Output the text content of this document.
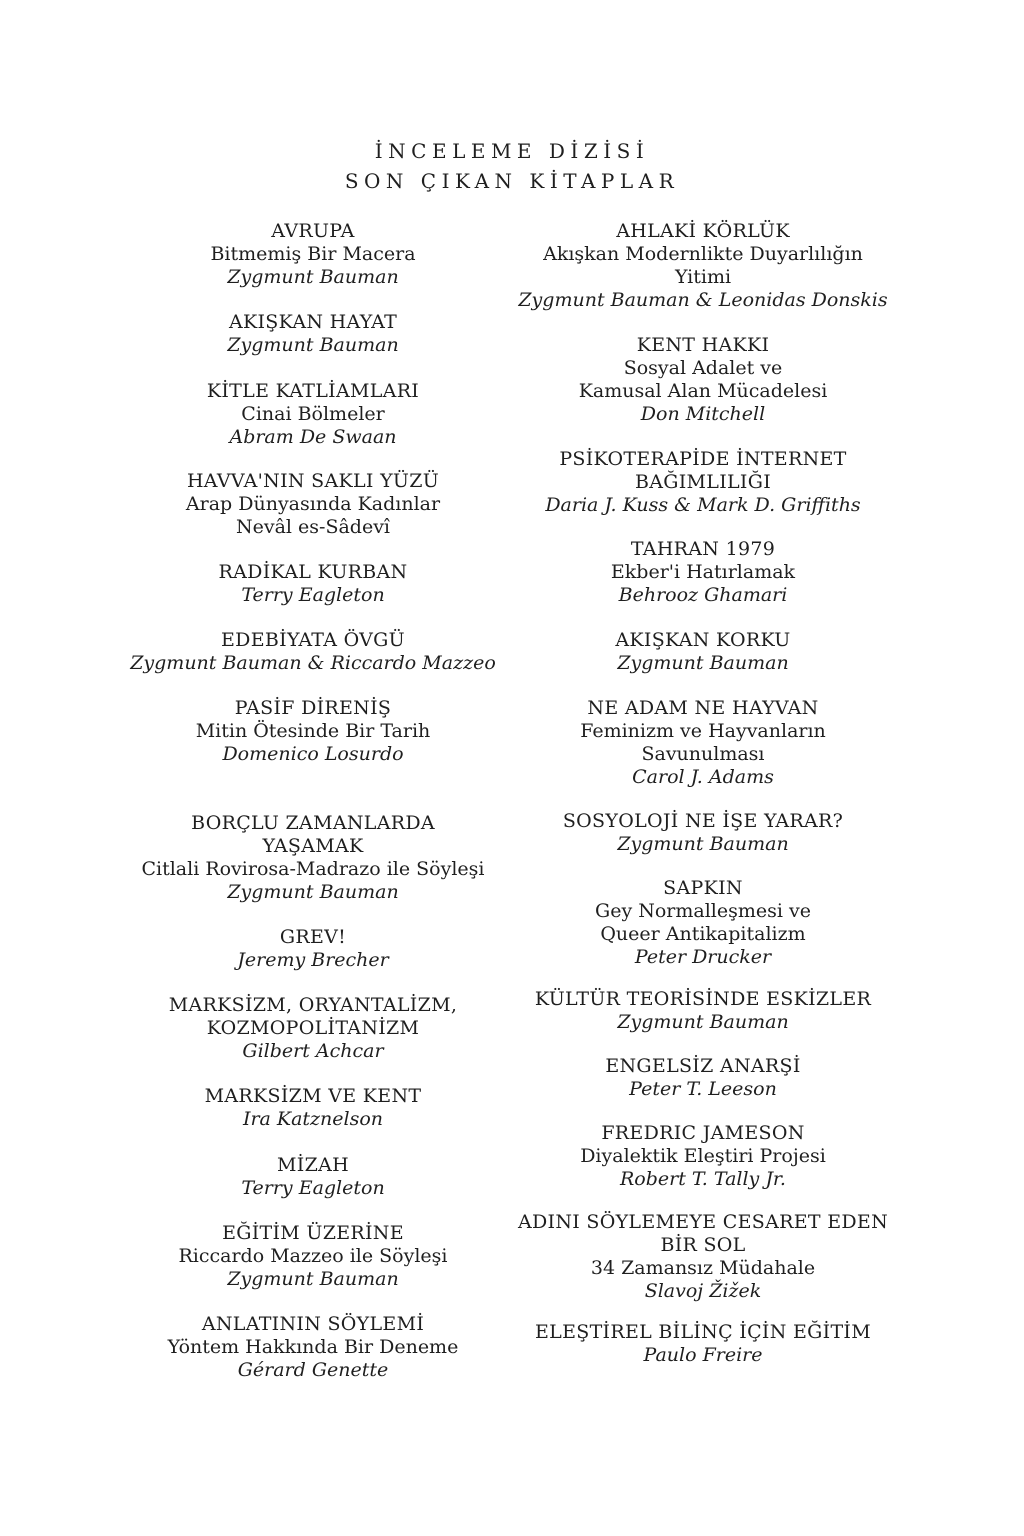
İNCELEME DİZİSİ
SON ÇIKAN KİTAPLAR
AVRUPA
Bitmemiş Bir Macera
Zygmunt Bauman
AKIŞKAN HAYAT
Zygmunt Bauman
KİTLE KATLİAMLARI
Cinai Bölmeler
Abram De Swaan
HAVVA'NIN SAKLI YÜZÜ
Arap Dünyasında Kadınlar
Nevâl es-Sâdevî
RADİKAL KURBAN
Terry Eagleton
EDEBİYATA ÖVGÜ
Zygmunt Bauman & Riccardo Mazzeo
PASİF DİRENİŞ
Mitin Ötesinde Bir Tarih
Domenico Losurdo
BORÇLU ZAMANLARDA
YAŞAMAK
Citlali Rovirosa-Madrazo ile Söyleşi
Zygmunt Bauman
GREV!
Jeremy Brecher
MARKSİZM, ORYANTALİZM,
KOZMOPOLİTANİZM
Gilbert Achcar
MARKSİZM VE KENT
Ira Katznelson
MİZAH
Terry Eagleton
EĞİTİM ÜZERİNE
Riccardo Mazzeo ile Söyleşi
Zygmunt Bauman
ANLATININ SÖYLEMİ
Yöntem Hakkında Bir Deneme
Gérard Genette
AHLAKİ KÖRLÜK
Akışkan Modernlikte Duyarlılığın
Yitimi
Zygmunt Bauman & Leonidas Donskis
KENT HAKKI
Sosyal Adalet ve
Kamusal Alan Mücadelesi
Don Mitchell
PSİKOTERAPİDE İNTERNET
BAĞIMLILIĞI
Daria J. Kuss & Mark D. Griffiths
TAHRAN 1979
Ekber'i Hatırlamak
Behrooz Ghamari
AKIŞKAN KORKU
Zygmunt Bauman
NE ADAM NE HAYVAN
Feminizm ve Hayvanların
Savunulması
Carol J. Adams
SOSYOLOJİ NE İŞE YARAR?
Zygmunt Bauman
SAPKIN
Gey Normalleşmesi ve
Queer Antikapitalizm
Peter Drucker
KÜLTÜR TEORİSİNDE ESKİZLER
Zygmunt Bauman
ENGELSİZ ANARŞİ
Peter T. Leeson
FREDRIC JAMESON
Diyalektik Eleştiri Projesi
Robert T. Tally Jr.
ADINI SÖYLEMEYE CESARET EDEN
BİR SOL
34 Zamansız Müdahale
Slavoj Žižek
ELEŞTİREL BİLİNÇ İÇİN EĞİTİM
Paulo Freire
